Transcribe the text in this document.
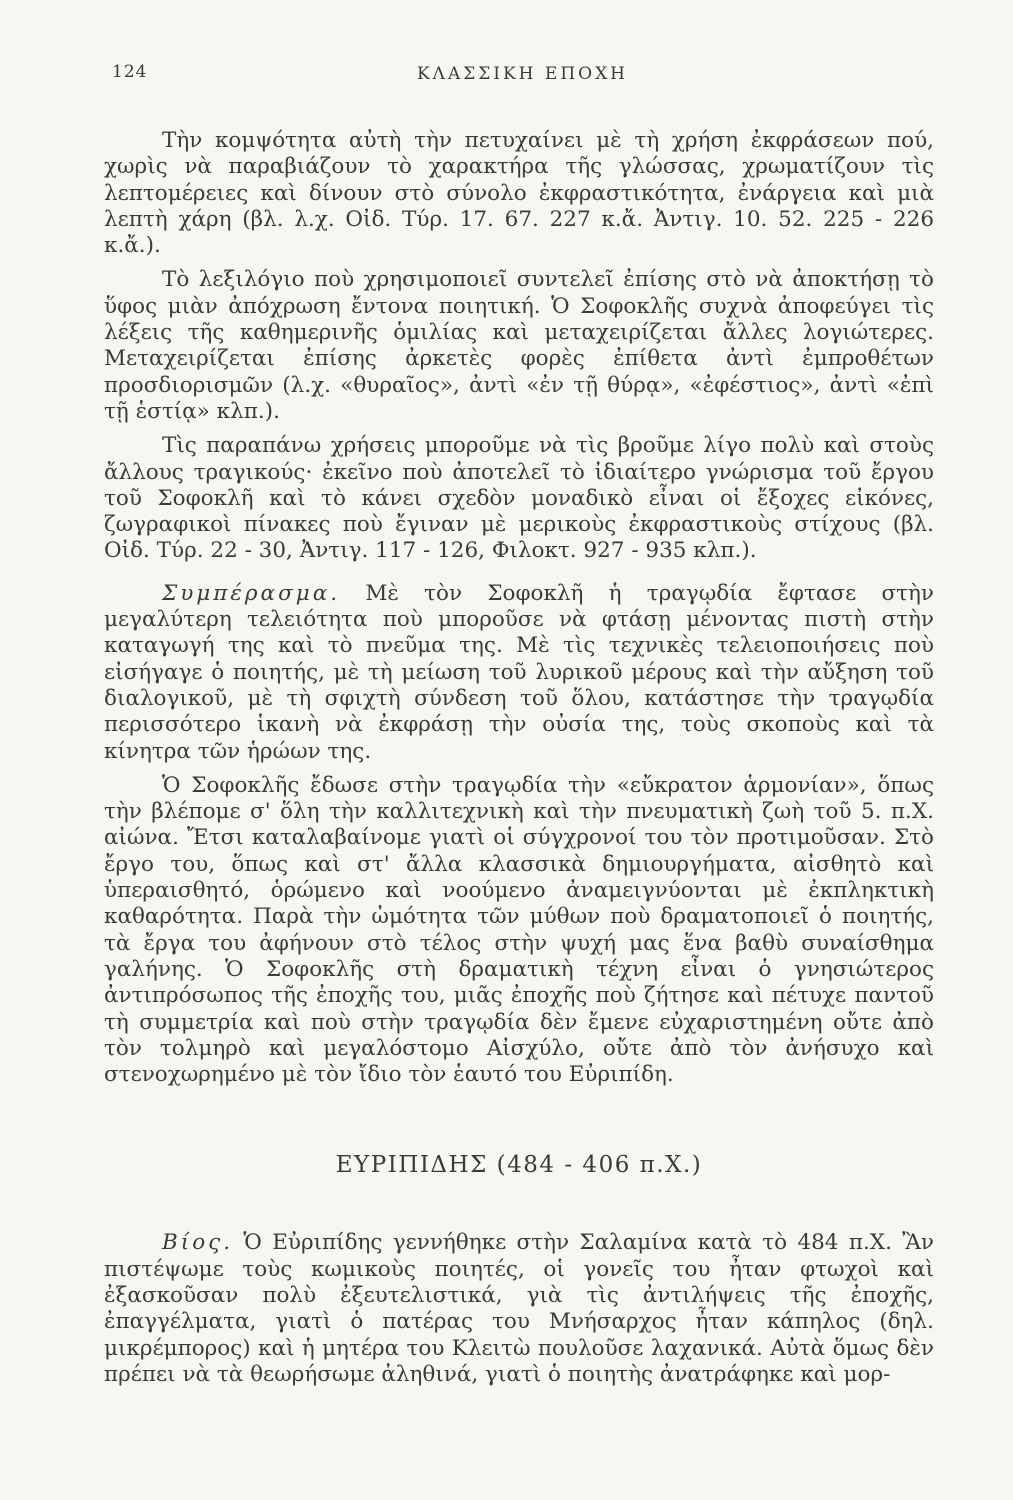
124	ΚΛΑΣΣΙΚΗ ΕΠΟΧΗ

Τὴν κομψότητα αὐτὴ τὴν πετυχαίνει μὲ τὴ χρήση ἐκφράσεων πού, χωρὶς νὰ παραβιάζουν τὸ χαρακτήρα τῆς γλώσσας, χρωματίζουν τὶς λεπτομέρειες καὶ δίνουν στὸ σύνολο ἐκφραστικότητα, ἐνάργεια καὶ μιὰ λεπτὴ χάρη (βλ. λ.χ. Οἰδ. Τύρ. 17. 67. 227 κ.ἄ. Ἀντιγ. 10. 52. 225 - 226 κ.ἄ.).

Τὸ λεξιλόγιο ποὺ χρησιμοποιεῖ συντελεῖ ἐπίσης στὸ νὰ ἀποκτήσῃ τὸ ὕφος μιὰν ἀπόχρωση ἔντονα ποιητική. Ὁ Σοφοκλῆς συχνὰ ἀποφεύγει τὶς λέξεις τῆς καθημερινῆς ὁμιλίας καὶ μεταχειρίζεται ἄλλες λογιώτερες. Μεταχειρίζεται ἐπίσης ἀρκετὲς φορὲς ἐπίθετα ἀντὶ ἐμπροθέτων προσδιορισμῶν (λ.χ. «θυραῖος», ἀντὶ «ἐν τῇ θύρᾳ», «ἐφέστιος», ἀντὶ «ἐπὶ τῇ ἑστίᾳ» κλπ.).

Τὶς παραπάνω χρήσεις μποροῦμε νὰ τὶς βροῦμε λίγο πολὺ καὶ στοὺς ἄλλους τραγικούς· ἐκεῖνο ποὺ ἀποτελεῖ τὸ ἰδιαίτερο γνώρισμα τοῦ ἔργου τοῦ Σοφοκλῆ καὶ τὸ κάνει σχεδὸν μοναδικὸ εἶναι οἱ ἔξοχες εἰκόνες, ζωγραφικοὶ πίνακες ποὺ ἔγιναν μὲ μερικοὺς ἐκφραστικοὺς στίχους (βλ. Οἰδ. Τύρ. 22 - 30, Ἀντιγ. 117 - 126, Φιλοκτ. 927 - 935 κλπ.).

Συμπέρασμα. Μὲ τὸν Σοφοκλῆ ἡ τραγῳδία ἔφτασε στὴν μεγαλύτερη τελειότητα ποὺ μποροῦσε νὰ φτάσῃ μένοντας πιστὴ στὴν καταγωγή της καὶ τὸ πνεῦμα της. Μὲ τὶς τεχνικὲς τελειοποιήσεις ποὺ εἰσήγαγε ὁ ποιητής, μὲ τὴ μείωση τοῦ λυρικοῦ μέρους καὶ τὴν αὔξηση τοῦ διαλογικοῦ, μὲ τὴ σφιχτὴ σύνδεση τοῦ ὅλου, κατάστησε τὴν τραγῳδία περισσότερο ἱκανὴ νὰ ἐκφράσῃ τὴν οὐσία της, τοὺς σκοποὺς καὶ τὰ κίνητρα τῶν ἡρώων της.

Ὁ Σοφοκλῆς ἔδωσε στὴν τραγῳδία τὴν «εὔκρατον ἁρμονίαν», ὅπως τὴν βλέπομε σ' ὅλη τὴν καλλιτεχνικὴ καὶ τὴν πνευματικὴ ζωὴ τοῦ 5. π.Χ. αἰώνα. Ἔτσι καταλαβαίνομε γιατὶ οἱ σύγχρονοί του τὸν προτιμοῦσαν. Στὸ ἔργο του, ὅπως καὶ στ' ἄλλα κλασσικὰ δημιουργήματα, αἰσθητὸ καὶ ὑπεραισθητό, ὁρώμενο καὶ νοούμενο ἀναμειγνύονται μὲ ἐκπληκτικὴ καθαρότητα. Παρὰ τὴν ὠμότητα τῶν μύθων ποὺ δραματοποιεῖ ὁ ποιητής, τὰ ἔργα του ἀφήνουν στὸ τέλος στὴν ψυχή μας ἕνα βαθὺ συναίσθημα γαλήνης. Ὁ Σοφοκλῆς στὴ δραματικὴ τέχνη εἶναι ὁ γνησιώτερος ἀντιπρόσωπος τῆς ἐποχῆς του, μιᾶς ἐποχῆς ποὺ ζήτησε καὶ πέτυχε παντοῦ τὴ συμμετρία καὶ ποὺ στὴν τραγῳδία δὲν ἔμενε εὐχαριστημένη οὔτε ἀπὸ τὸν τολμηρὸ καὶ μεγαλόστομο Αἰσχύλο, οὔτε ἀπὸ τὸν ἀνήσυχο καὶ στενοχωρημένο μὲ τὸν ἴδιο τὸν ἑαυτό του Εὐριπίδη.

ΕΥΡΙΠΙΔΗΣ (484 - 406 π.Χ.)

Βίος. Ὁ Εὐριπίδης γεννήθηκε στὴν Σαλαμίνα κατὰ τὸ 484 π.Χ. Ἂν πιστέψωμε τοὺς κωμικοὺς ποιητές, οἱ γονεῖς του ἦταν φτωχοὶ καὶ ἐξασκοῦσαν πολὺ ἐξευτελιστικά, γιὰ τὶς ἀντιλήψεις τῆς ἐποχῆς, ἐπαγγέλματα, γιατὶ ὁ πατέρας του Μνήσαρχος ἦταν κάπηλος (δηλ. μικρέμπορος) καὶ ἡ μητέρα του Κλειτὼ πουλοῦσε λαχανικά. Αὐτὰ ὅμως δὲν πρέπει νὰ τὰ θεωρήσωμε ἀληθινά, γιατὶ ὁ ποιητὴς ἀνατράφηκε καὶ μορ-
